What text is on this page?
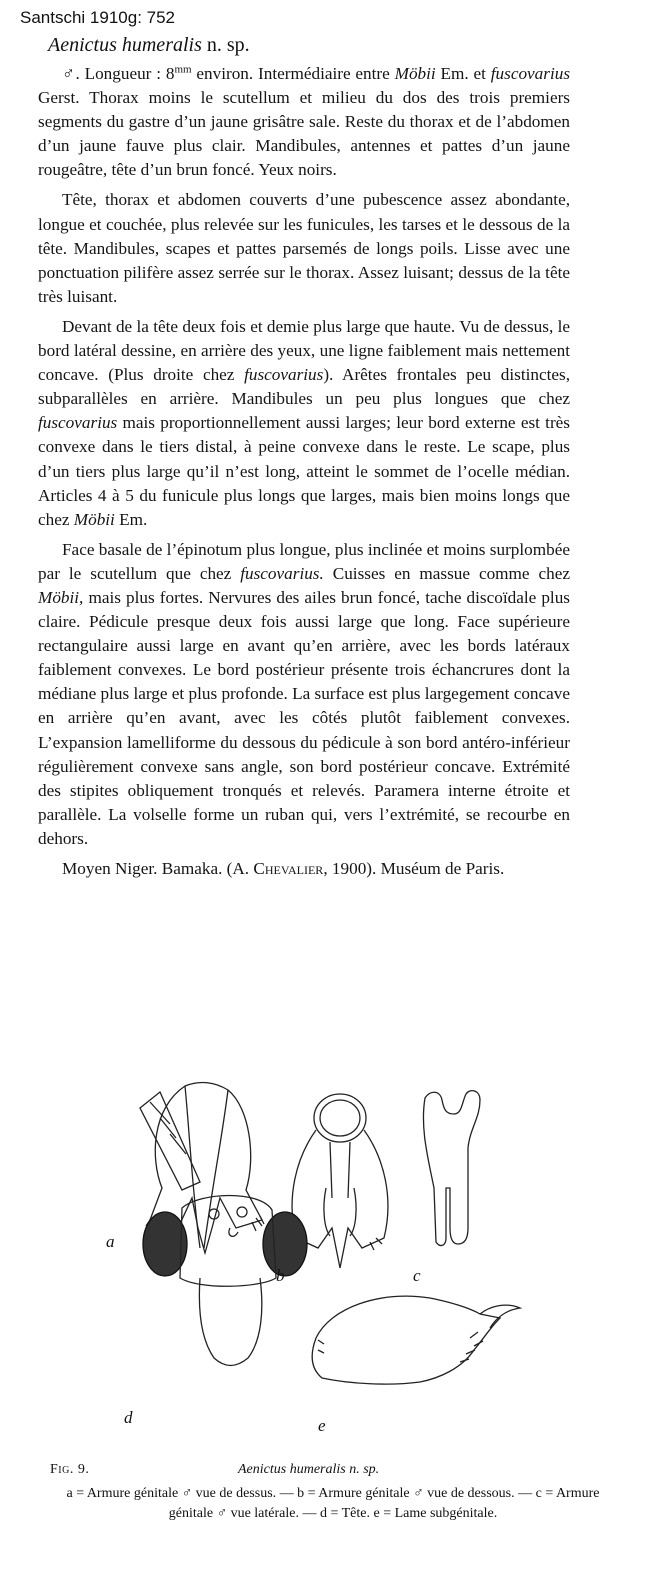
Santschi 1910g: 752
Aenictus humeralis n. sp.

♂. Longueur : $8^{mm}$ environ. Intermédiaire entre Möbii Em. et fuscovarius Gerst. Thorax moins le scutellum et milieu du dos des trois premiers segments du gastre d’un jaune grisâtre sale. Reste du thorax et de l’abdomen d’un jaune fauve plus clair. Mandibules, antennes et pattes d’un jaune rougeâtre, tête d’un brun foncé. Yeux noirs.

Tête, thorax et abdomen couverts d’une pubescence assez abondante, longue et couchée, plus relevée sur les funicules, les tarses et le dessous de la tête. Mandibules, scapes et pattes parsemés de longs poils. Lisse avec une ponctuation pilifère assez serrée sur le thorax. Assez luisant; dessus de la tête très luisant.

Devant de la tête deux fois et demie plus large que haute. Vu de dessus, le bord latéral dessine, en arrière des yeux, une ligne faiblement mais nettement concave. (Plus droite chez fuscovarius). Arêtes frontales peu distinctes, subparallèles en arrière. Mandibules un peu plus longues que chez fuscovarius mais proportionnellement aussi larges; leur bord externe est très convexe dans le tiers distal, à peine convexe dans le reste. Le scape, plus d’un tiers plus large qu’il n’est long, atteint le sommet de l’ocelle médian. Articles 4 à 5 du funicule plus longs que larges, mais bien moins longs que chez Möbii Em.

Face basale de l’épinotum plus longue, plus inclinée et moins surplombée par le scutellum que chez fuscovarius. Cuisses en massue comme chez Möbii, mais plus fortes. Nervures des ailes brun foncé, tache discoïdale plus claire. Pédicule presque deux fois aussi large que long. Face supérieure rectangulaire aussi large en avant qu’en arrière, avec les bords latéraux faiblement convexes. Le bord postérieur présente trois échancrures dont la médiane plus large et plus profonde. La surface est plus largegement concave en arrière qu’en avant, avec les côtés plutôt faiblement convexes. L’expansion lamelliforme du dessous du pédicule à son bord antéro-inférieur régulièrement convexe sans angle, son bord postérieur concave. Extrémité des stipites obliquement tronqués et relevés. Paramera interne étroite et parallèle. La volselle forme un ruban qui, vers l’extrémité, se recourbe en dehors.

Moyen Niger. Bamaka. (A. Chevalier, 1900). Muséum de Paris.

a
b	c
d	e
Fig. 9.	Aenictus humeralis n. sp.
a = Armure génitale ♂ vue de dessus. — b = Armure génitale ♂ vue de dessous. — c = Armure génitale ♂ vue latérale. — d = Tête. e = Lame subgénitale.
